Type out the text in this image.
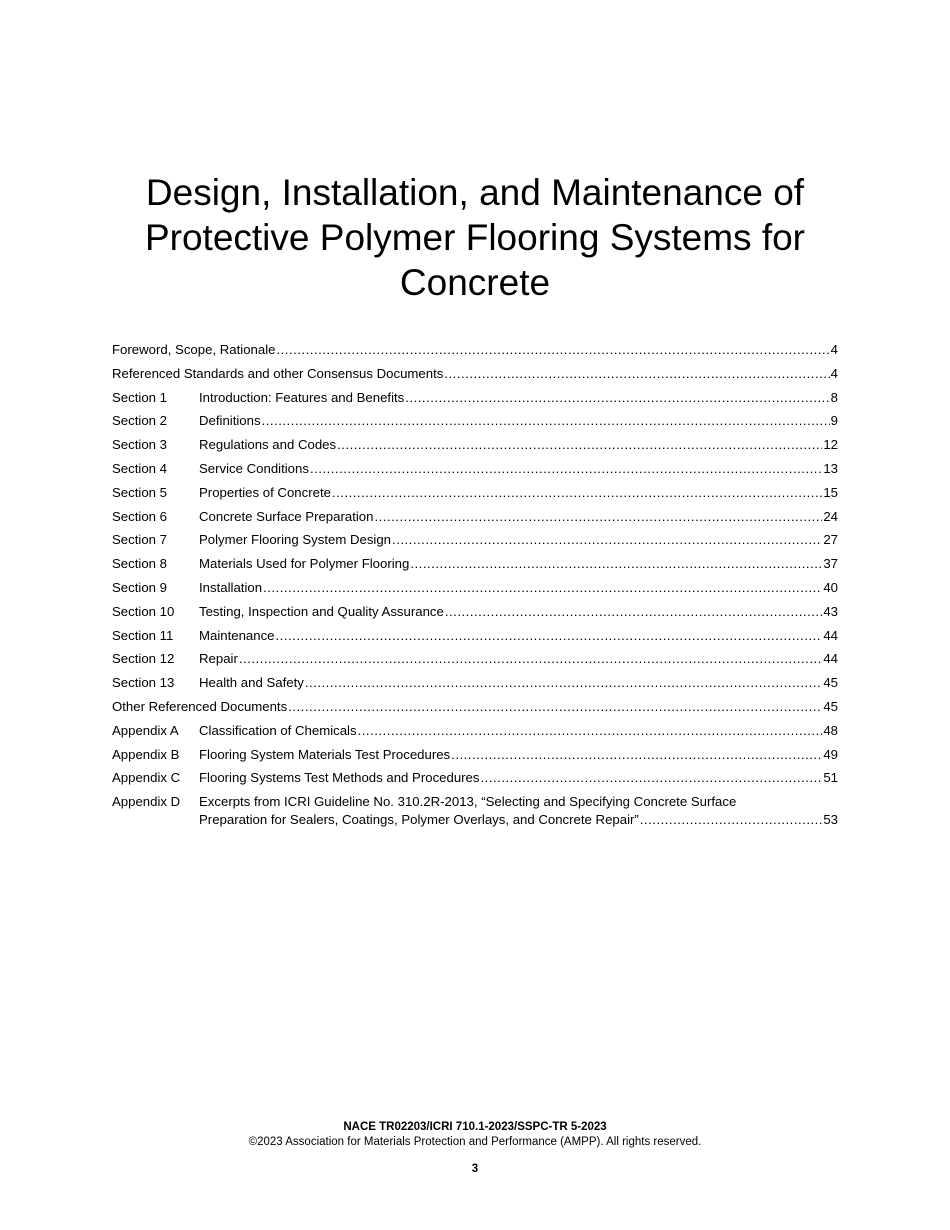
Design, Installation, and Maintenance of Protective Polymer Flooring Systems for Concrete
Foreword, Scope, Rationale .....	4
Referenced Standards and other Consensus Documents .....	4
Section 1	Introduction: Features and Benefits .....	8
Section 2	Definitions .....	9
Section 3	Regulations and Codes .....	12
Section 4	Service Conditions .....	13
Section 5	Properties of Concrete .....	15
Section 6	Concrete Surface Preparation .....	24
Section 7	Polymer Flooring System Design .....	27
Section 8	Materials Used for Polymer Flooring .....	37
Section 9	Installation .....	40
Section 10	Testing, Inspection and Quality Assurance .....	43
Section 11	Maintenance .....	44
Section 12	Repair .....	44
Section 13	Health and Safety .....	45
Other Referenced Documents .....	45
Appendix A	Classification of Chemicals .....	48
Appendix B	Flooring System Materials Test Procedures .....	49
Appendix C	Flooring Systems Test Methods and Procedures .....	51
Appendix D	Excerpts from ICRI Guideline No. 310.2R-2013, “Selecting and Specifying Concrete Surface
Preparation for Sealers, Coatings, Polymer Overlays, and Concrete Repair” .....	53
NACE TR02203/ICRI 710.1-2023/SSPC-TR 5-2023
©2023 Association for Materials Protection and Performance (AMPP). All rights reserved.
3
